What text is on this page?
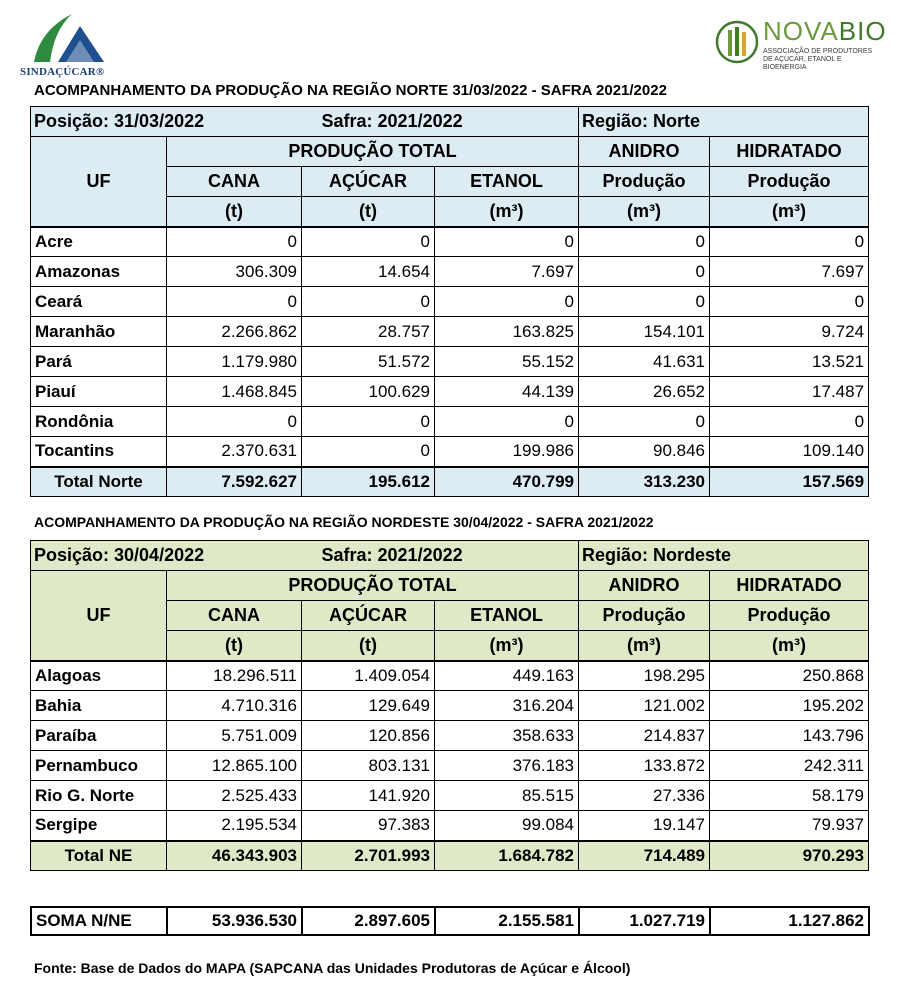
SINDAÇÚCAR®
NOVABIO
ASSOCIAÇÃO DE PRODUTORES DE AÇÚCAR, ETANOL E BIOENERGIA
ACOMPANHAMENTO DA PRODUÇÃO NA REGIÃO NORTE 31/03/2022 - SAFRA 2021/2022
Posição: 31/03/2022		Safra: 2021/2022		Região: Norte	
UF	PRODUÇÃO TOTAL			ANIDRO	HIDRATADO
	CANA	AÇÚCAR	ETANOL	Produção	Produção
	(t)	(t)	(m³)	(m³)	(m³)
Acre	0	0	0	0	0
Amazonas	306.309	14.654	7.697	0	7.697
Ceará	0	0	0	0	0
Maranhão	2.266.862	28.757	163.825	154.101	9.724
Pará	1.179.980	51.572	55.152	41.631	13.521
Piauí	1.468.845	100.629	44.139	26.652	17.487
Rondônia	0	0	0	0	0
Tocantins	2.370.631	0	199.986	90.846	109.140
Total Norte	7.592.627	195.612	470.799	313.230	157.569
ACOMPANHAMENTO DA PRODUÇÃO NA REGIÃO NORDESTE 30/04/2022 - SAFRA 2021/2022
Posição: 30/04/2022		Safra: 2021/2022		Região: Nordeste	
UF	PRODUÇÃO TOTAL			ANIDRO	HIDRATADO
	CANA	AÇÚCAR	ETANOL	Produção	Produção
	(t)	(t)	(m³)	(m³)	(m³)
Alagoas	18.296.511	1.409.054	449.163	198.295	250.868
Bahia	4.710.316	129.649	316.204	121.002	195.202
Paraíba	5.751.009	120.856	358.633	214.837	143.796
Pernambuco	12.865.100	803.131	376.183	133.872	242.311
Rio G. Norte	2.525.433	141.920	85.515	27.336	58.179
Sergipe	2.195.534	97.383	99.084	19.147	79.937
Total NE	46.343.903	2.701.993	1.684.782	714.489	970.293
SOMA N/NE	53.936.530	2.897.605	2.155.581	1.027.719	1.127.862
Fonte: Base de Dados do MAPA (SAPCANA das Unidades Produtoras de Açúcar e Álcool)
